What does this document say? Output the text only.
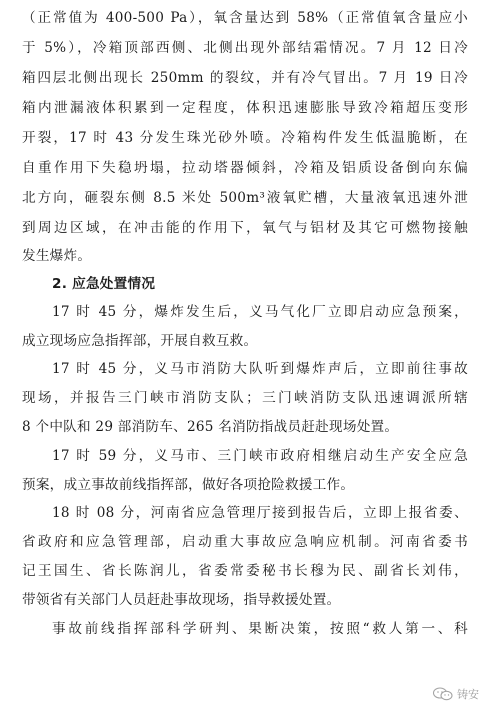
（正常值为 400-500 Pa），氧含量达到 58%（正常值氧含量应小
于 5%），冷箱顶部西侧、北侧出现外部结霜情况。7 月 12 日冷
箱四层北侧出现长 250mm 的裂纹，并有冷气冒出。7 月 19 日冷
箱内泄漏液体积累到一定程度，体积迅速膨胀导致冷箱超压变形
开裂，17 时 43 分发生珠光砂外喷。冷箱构件发生低温脆断，在
自重作用下失稳坍塌，拉动塔器倾斜，冷箱及铝质设备倒向东偏
北方向，砸裂东侧 8.5 米处 500m³液氧贮槽，大量液氧迅速外泄
到周边区域，在冲击能的作用下，氧气与铝材及其它可燃物接触
发生爆炸。
2. 应急处置情况
17 时 45 分，爆炸发生后，义马气化厂立即启动应急预案，
成立现场应急指挥部，开展自救互救。
17 时 45 分，义马市消防大队听到爆炸声后，立即前往事故
现场，并报告三门峡市消防支队；三门峡消防支队迅速调派所辖
8 个中队和 29 部消防车、265 名消防指战员赶赴现场处置。
17 时 59 分，义马市、三门峡市政府相继启动生产安全应急
预案，成立事故前线指挥部，做好各项抢险救援工作。
18 时 08 分，河南省应急管理厅接到报告后，立即上报省委、
省政府和应急管理部，启动重大事故应急响应机制。河南省委书
记王国生、省长陈润儿，省委常委秘书长穆为民、副省长刘伟，
带领省有关部门人员赶赴事故现场，指导救援处置。
事故前线指挥部科学研判、果断决策，按照“救人第一、科
铸安
